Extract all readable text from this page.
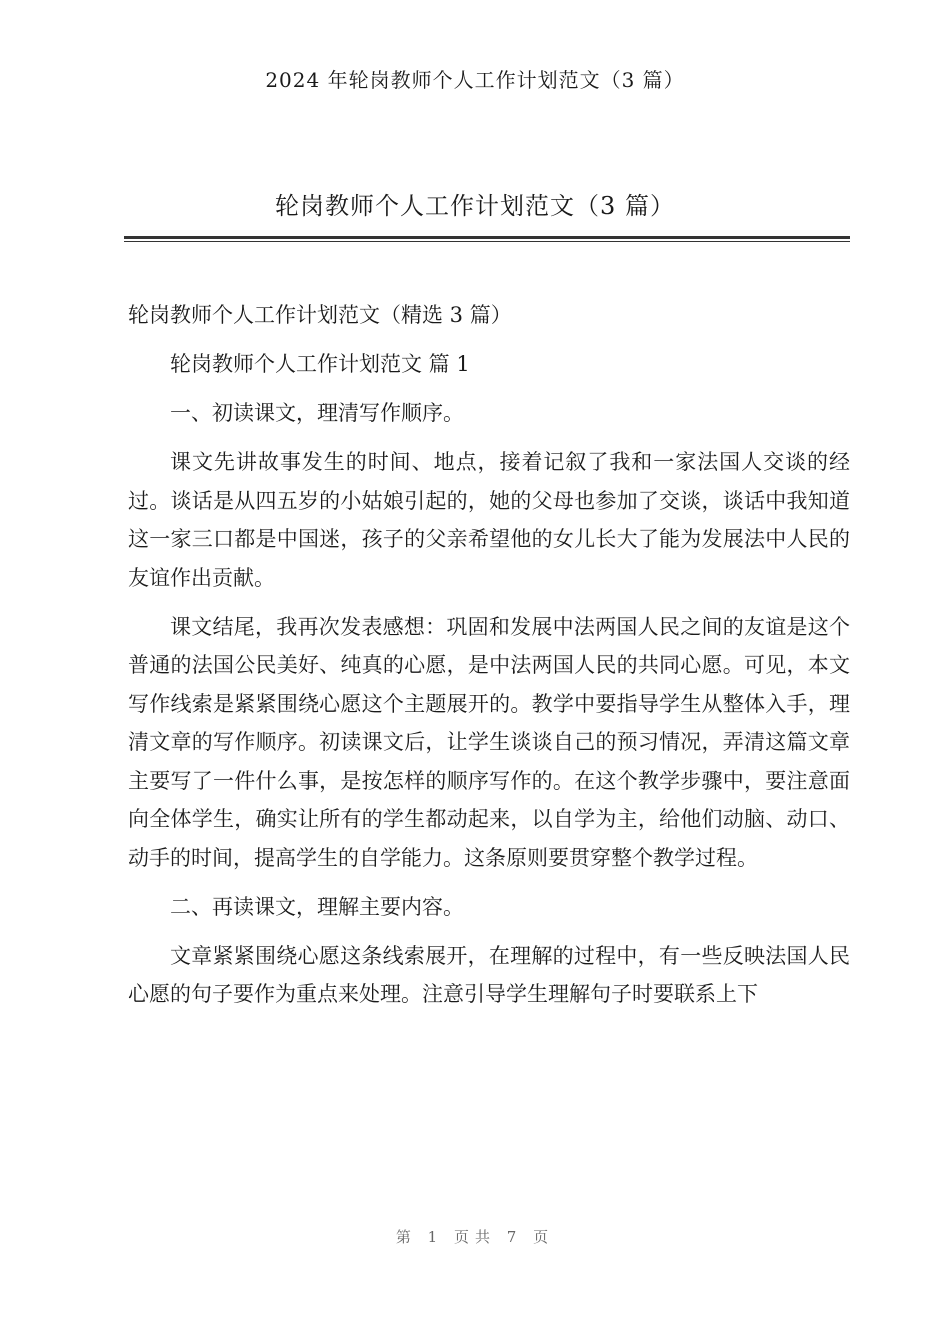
2024 年轮岗教师个人工作计划范文（3 篇）
轮岗教师个人工作计划范文（3 篇）

轮岗教师个人工作计划范文（精选 3 篇）

轮岗教师个人工作计划范文 篇 1

一、初读课文，理清写作顺序。

课文先讲故事发生的时间、地点，接着记叙了我和一家法国人交谈的经过。谈话是从四五岁的小姑娘引起的，她的父母也参加了交谈，谈话中我知道这一家三口都是中国迷，孩子的父亲希望他的女儿长大了能为发展法中人民的友谊作出贡献。

课文结尾，我再次发表感想：巩固和发展中法两国人民之间的友谊是这个普通的法国公民美好、纯真的心愿，是中法两国人民的共同心愿。可见，本文写作线索是紧紧围绕心愿这个主题展开的。教学中要指导学生从整体入手，理清文章的写作顺序。初读课文后，让学生谈谈自己的预习情况，弄清这篇文章主要写了一件什么事，是按怎样的顺序写作的。在这个教学步骤中，要注意面向全体学生，确实让所有的学生都动起来，以自学为主，给他们动脑、动口、动手的时间，提高学生的自学能力。这条原则要贯穿整个教学过程。

二、再读课文，理解主要内容。

文章紧紧围绕心愿这条线索展开，在理解的过程中，有一些反映法国人民心愿的句子要作为重点来处理。注意引导学生理解句子时要联系上下

第 1 页共 7 页
